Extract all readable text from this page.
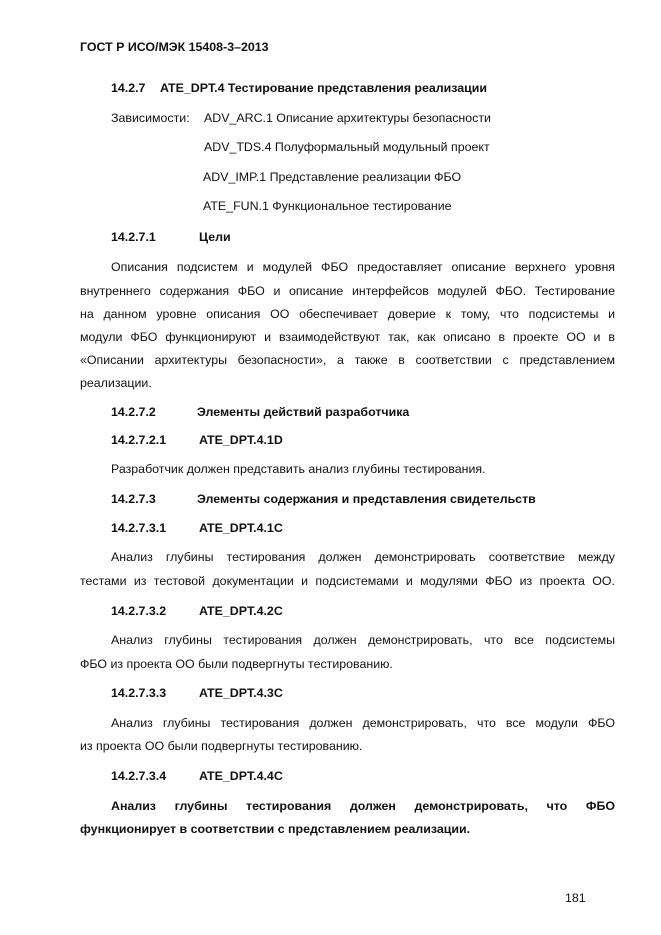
ГОСТ Р ИСО/МЭК 15408-3–2013
14.2.7 ATE_DPT.4 Тестирование представления реализации
Зависимости: ADV_ARC.1 Описание архитектуры безопасности
ADV_TDS.4 Полуформальный модульный проект
ADV_IMP.1 Представление реализации ФБО
ATE_FUN.1 Функциональное тестирование
14.2.7.1	Цели
Описания подсистем и модулей ФБО предоставляет описание верхнего уровня
внутреннего содержания ФБО и описание интерфейсов модулей ФБО. Тестирование
на данном уровне описания ОО обеспечивает доверие к тому, что подсистемы и
модули ФБО функционируют и взаимодействуют так, как описано в проекте ОО и в
«Описании архитектуры безопасности», а также в соответствии с представлением
реализации.
14.2.7.2	Элементы действий разработчика
14.2.7.2.1	ATE_DPT.4.1D
Разработчик должен представить анализ глубины тестирования.
14.2.7.3	Элементы содержания и представления свидетельств
14.2.7.3.1	ATE_DPT.4.1C
Анализ глубины тестирования должен демонстрировать соответствие между
тестами из тестовой документации и подсистемами и модулями ФБО из проекта ОО.
14.2.7.3.2	ATE_DPT.4.2C
Анализ глубины тестирования должен демонстрировать, что все подсистемы
ФБО из проекта ОО были подвергнуты тестированию.
14.2.7.3.3	ATE_DPT.4.3C
Анализ глубины тестирования должен демонстрировать, что все модули ФБО
из проекта ОО были подвергнуты тестированию.
14.2.7.3.4	ATE_DPT.4.4C
Анализ глубины тестирования должен демонстрировать, что ФБО
функционирует в соответствии с представлением реализации.
181
